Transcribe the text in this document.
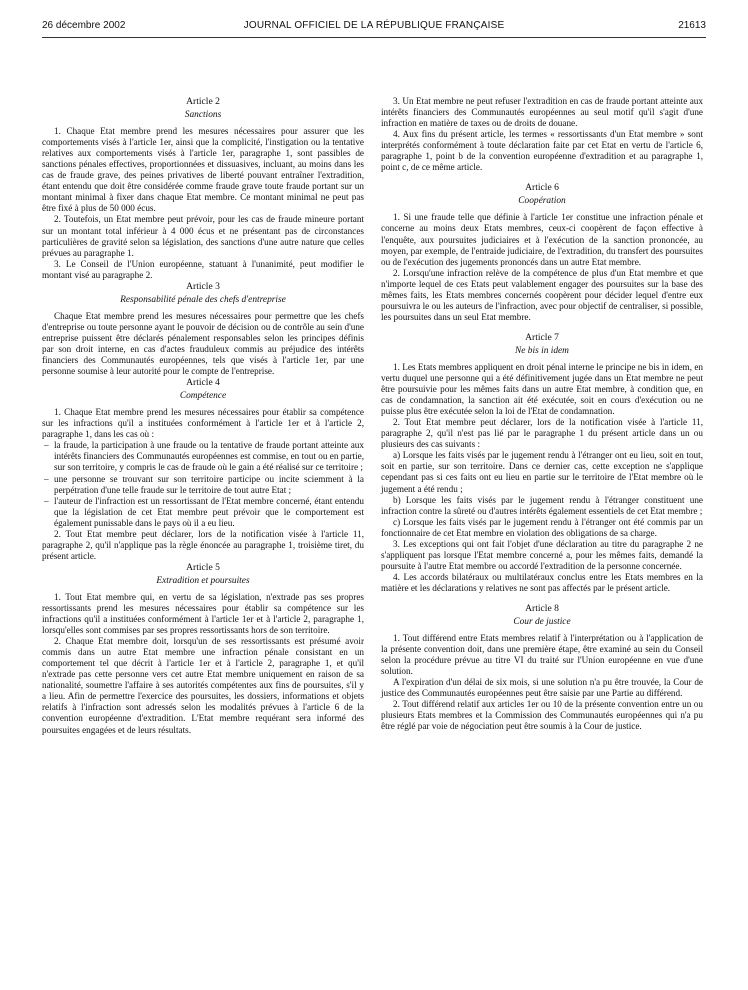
26 décembre 2002	JOURNAL OFFICIEL DE LA RÉPUBLIQUE FRANÇAISE	21613
Article 2
Sanctions

1. Chaque Etat membre prend les mesures nécessaires pour assurer que les comportements visés à l'article 1er, ainsi que la complicité, l'instigation ou la tentative relatives aux comportements visés à l'article 1er, paragraphe 1, sont passibles de sanctions pénales effectives, proportionnées et dissuasives, incluant, au moins dans les cas de fraude grave, des peines privatives de liberté pouvant entraîner l'extradition, étant entendu que doit être considérée comme fraude grave toute fraude portant sur un montant minimal à fixer dans chaque Etat membre. Ce montant minimal ne peut pas être fixé à plus de 50 000 écus.

2. Toutefois, un Etat membre peut prévoir, pour les cas de fraude mineure portant sur un montant total inférieur à 4 000 écus et ne présentant pas de circonstances particulières de gravité selon sa législation, des sanctions d'une autre nature que celles prévues au paragraphe 1.

3. Le Conseil de l'Union européenne, statuant à l'unanimité, peut modifier le montant visé au paragraphe 2.

Article 3
Responsabilité pénale des chefs d'entreprise

Chaque Etat membre prend les mesures nécessaires pour permettre que les chefs d'entreprise ou toute personne ayant le pouvoir de décision ou de contrôle au sein d'une entreprise puissent être déclarés pénalement responsables selon les principes définis par son droit interne, en cas d'actes frauduleux commis au préjudice des intérêts financiers des Communautés européennes, tels que visés à l'article 1er, par une personne soumise à leur autorité pour le compte de l'entreprise.

Article 4
Compétence

1. Chaque Etat membre prend les mesures nécessaires pour établir sa compétence sur les infractions qu'il a instituées conformément à l'article 1er et à l'article 2, paragraphe 1, dans les cas où :

– la fraude, la participation à une fraude ou la tentative de fraude portant atteinte aux intérêts financiers des Communautés européennes est commise, en tout ou en partie, sur son territoire, y compris le cas de fraude où le gain a été réalisé sur ce territoire ;
– une personne se trouvant sur son territoire participe ou incite sciemment à la perpétration d'une telle fraude sur le territoire de tout autre Etat ;
– l'auteur de l'infraction est un ressortissant de l'Etat membre concerné, étant entendu que la législation de cet Etat membre peut prévoir que le comportement est également punissable dans le pays où il a eu lieu.

2. Tout Etat membre peut déclarer, lors de la notification visée à l'article 11, paragraphe 2, qu'il n'applique pas la règle énoncée au paragraphe 1, troisième tiret, du présent article.

Article 5
Extradition et poursuites

1. Tout Etat membre qui, en vertu de sa législation, n'extrade pas ses propres ressortissants prend les mesures nécessaires pour établir sa compétence sur les infractions qu'il a instituées conformément à l'article 1er et à l'article 2, paragraphe 1, lorsqu'elles sont commises par ses propres ressortissants hors de son territoire.

2. Chaque Etat membre doit, lorsqu'un de ses ressortissants est présumé avoir commis dans un autre Etat membre une infraction pénale consistant en un comportement tel que décrit à l'article 1er et à l'article 2, paragraphe 1, et qu'il n'extrade pas cette personne vers cet autre Etat membre uniquement en raison de sa nationalité, soumettre l'affaire à ses autorités compétentes aux fins de poursuites, s'il y a lieu. Afin de permettre l'exercice des poursuites, les dossiers, informations et objets relatifs à l'infraction sont adressés selon les modalités prévues à l'article 6 de la convention européenne d'extradition. L'Etat membre requérant sera informé des poursuites engagées et de leurs résultats.

3. Un Etat membre ne peut refuser l'extradition en cas de fraude portant atteinte aux intérêts financiers des Communautés européennes au seul motif qu'il s'agit d'une infraction en matière de taxes ou de droits de douane.

4. Aux fins du présent article, les termes « ressortissants d'un Etat membre » sont interprétés conformément à toute déclaration faite par cet Etat en vertu de l'article 6, paragraphe 1, point b de la convention européenne d'extradition et au paragraphe 1, point c, de ce même article.

Article 6
Coopération

1. Si une fraude telle que définie à l'article 1er constitue une infraction pénale et concerne au moins deux Etats membres, ceux-ci coopèrent de façon effective à l'enquête, aux poursuites judiciaires et à l'exécution de la sanction prononcée, au moyen, par exemple, de l'entraide judiciaire, de l'extradition, du transfert des poursuites ou de l'exécution des jugements prononcés dans un autre Etat membre.

2. Lorsqu'une infraction relève de la compétence de plus d'un Etat membre et que n'importe lequel de ces Etats peut valablement engager des poursuites sur la base des mêmes faits, les Etats membres concernés coopèrent pour décider lequel d'entre eux poursuivra le ou les auteurs de l'infraction, avec pour objectif de centraliser, si possible, les poursuites dans un seul Etat membre.

Article 7
Ne bis in idem

1. Les Etats membres appliquent en droit pénal interne le principe ne bis in idem, en vertu duquel une personne qui a été définitivement jugée dans un Etat membre ne peut être poursuivie pour les mêmes faits dans un autre Etat membre, à condition que, en cas de condamnation, la sanction ait été exécutée, soit en cours d'exécution ou ne puisse plus être exécutée selon la loi de l'Etat de condamnation.

2. Tout Etat membre peut déclarer, lors de la notification visée à l'article 11, paragraphe 2, qu'il n'est pas lié par le paragraphe 1 du présent article dans un ou plusieurs des cas suivants :

a) Lorsque les faits visés par le jugement rendu à l'étranger ont eu lieu, soit en tout, soit en partie, sur son territoire. Dans ce dernier cas, cette exception ne s'applique cependant pas si ces faits ont eu lieu en partie sur le territoire de l'Etat membre où le jugement a été rendu ;

b) Lorsque les faits visés par le jugement rendu à l'étranger constituent une infraction contre la sûreté ou d'autres intérêts également essentiels de cet Etat membre ;

c) Lorsque les faits visés par le jugement rendu à l'étranger ont été commis par un fonctionnaire de cet Etat membre en violation des obligations de sa charge.

3. Les exceptions qui ont fait l'objet d'une déclaration au titre du paragraphe 2 ne s'appliquent pas lorsque l'Etat membre concerné a, pour les mêmes faits, demandé la poursuite à l'autre Etat membre ou accordé l'extradition de la personne concernée.

4. Les accords bilatéraux ou multilatéraux conclus entre les Etats membres en la matière et les déclarations y relatives ne sont pas affectés par le présent article.

Article 8
Cour de justice

1. Tout différend entre Etats membres relatif à l'interprétation ou à l'application de la présente convention doit, dans une première étape, être examiné au sein du Conseil selon la procédure prévue au titre VI du traité sur l'Union européenne en vue d'une solution.

A l'expiration d'un délai de six mois, si une solution n'a pu être trouvée, la Cour de justice des Communautés européennes peut être saisie par une Partie au différend.

2. Tout différend relatif aux articles 1er ou 10 de la présente convention entre un ou plusieurs Etats membres et la Commission des Communautés européennes qui n'a pu être réglé par voie de négociation peut être soumis à la Cour de justice.
